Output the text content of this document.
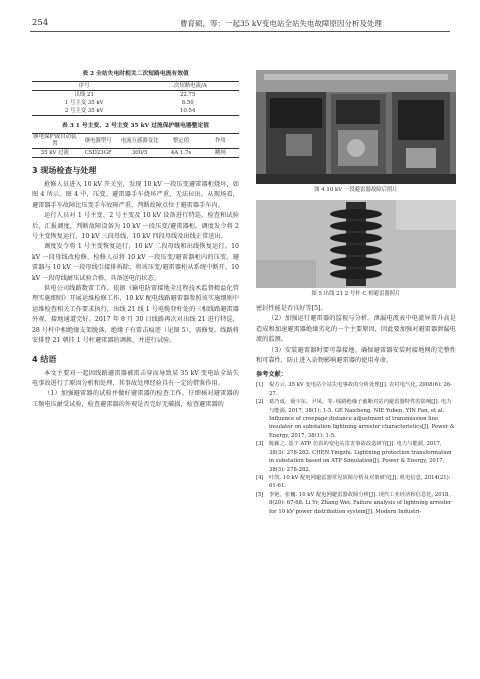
254	曹育硕，等：一起35 kV变电站全站失电故障原因分析及处理
表 2 全站失电时相关二次短路电流有效值
序号	二次短路电流/A
出线 21	22.75
1 号主变 35 kV	8.50
2 号主变 35 kV	10.54
表 3 1 号主变、2 号主变 35 kV 过流保护继电器整定值
继电保护或自动装置	继电器型号	电流互感器变比	整定值	作用
35 kV 过流	CSD23GF	300/5	4A 1.7s	跳闸
3 现场检查与处理

抢修人员进入 10 kV 开关室，发现 10 kV 一段压变避雷器柜烧坏，如图 4 所示。图 4 中，压变、避雷器手车烧坏严重，无法拉出。从现场看，避雷器手车故障比压变手车故障严重，判断故障点位于避雷器手车内。

运行人员对 1 号主变、2 号主变及 10 kV 设备进行特巡，检查和试验后，汇报调度，判断故障设备为 10 kV 一段压变/避雷器柜。调度发令将 2 号主变恢复运行，10 kV 三段母线、10 kV 四段母线及出线正常送出。

调度发令将 1 号主变恢复运行，10 kV 二段母线和出线恢复运行。10 kV 一段母线改检修，检修人员将 10 kV 一段压变/避雷器柜内的压变、避雷器与 10 kV 一段母线引接排拆除，将该压变/避雷器柜从系统中断开。10 kV 一段母线耐压试验合格，具备送电的状态。

供电公司线路数雷工作，依据《输电防雷接地全过程技术监督精益化管理实施细则》开展运维检修工作，10 kV 配电线路避雷器参照该实施细则中运维检查相关工作要求执行，出线 21 线 1 号电缆登杆处的三相线路避雷器外观、接地通道完好。2017 年 8 月 30 日线路再次对出线 21 进行特巡，28 号杆中相绝缘支架脱落，绝缘子有雷击痕迹（见图 5），需修复。线路将安排曹 21 朝挂 1 号杆避雷器的调换，并进行试验。

4 结语

本文主要对一起因线路避雷器被雷击穿而导致某 35 kV 变电站全站失电事故进行了原因分析和处理，其事故处理经验具有一定的借鉴作用。

（1）加强避雷器的试验并做好避雷器的检查工作。仔细核对避雷器的工频电压耐受试验，检查避雷器的外观是否完好无破损，检查避雷器的

图 4 10 kV 一段避雷器故障后照片
图 5 出线 21 2 号杆 C 相避雷器照片

密封性能是否良好等[5]。

（2）加强运行避雷器的监视与分析。泄漏电流表中电流异常升高是造成和加速避雷器绝缘劣化的一个主要原因，因此要加强对避雷器泄漏电流的监测。

（3）安装避雷器时要可靠接地。确保避雷器安装时接地网的完整性和可靠性，防止进入杂物影响避雷器的使用寿命。

参考文献：
[1] 倪方云. 35 kV 变电站全站失电事故的分析处理[J]. 农村电气化, 2008(6): 26-27.
[2] 葛乃成，聂宇东，尹凤，等. 线路绝缘子截断对站内避雷器特性的影响[J]. 电力与能源, 2017, 38(1): 1-5. GE Naicheng, NIE Yuben, YIN Fan, et al. Influence of creepage distance adjustment of transmission line insulator on substation lightning arrester characteristics[J]. Power & Energy, 2017, 38(1): 1-5.
[3] 陈颖之. 基于 ATP 仿真的变电站雷害事故改造研究[J]. 电力与能源, 2017, 38(3): 278-282. CHEN Yingzhi. Lightning protection transformation in substation based on ATP Simulation[J]. Power & Energy, 2017, 38(3): 278-282.
[4] 叶凯. 10 kV 配电网避雷器常见故障分析及对策研究[J]. 机电信息, 2014(21): 61-61.
[5] 李艳，张巍. 10 kV 配电网避雷器故障分析[J]. 现代工业经济和信息化, 2018, 8(20): 67-68. Li Yr, Zhang Wei. Failure analysis of lightning arrester for 10 kV power distribution system[J]. Modern Industri-
